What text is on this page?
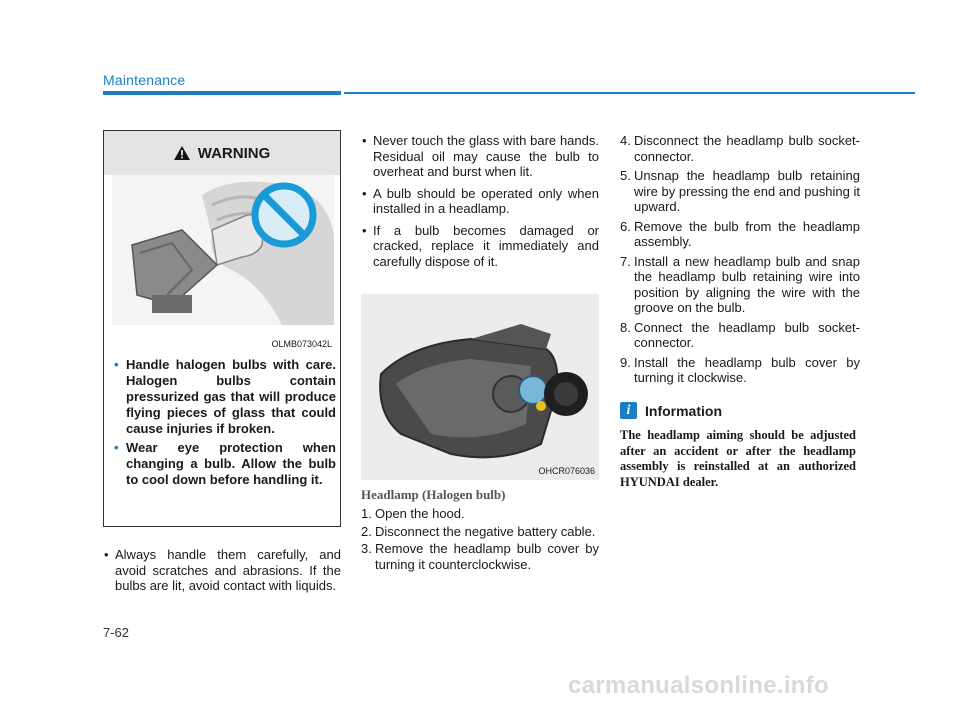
Maintenance
WARNING
OLMB073042L
• Handle halogen bulbs with care. Halogen bulbs contain pressurized gas that will produce flying pieces of glass that could cause injuries if broken.
• Wear eye protection when changing a bulb. Allow the bulb to cool down before handling it.
• Always handle them carefully, and avoid scratches and abrasions. If the bulbs are lit, avoid contact with liquids.
• Never touch the glass with bare hands. Residual oil may cause the bulb to overheat and burst when lit.
• A bulb should be operated only when installed in a headlamp.
• If a bulb becomes damaged or cracked, replace it immediately and carefully dispose of it.
OHCR076036
Headlamp (Halogen bulb)
1. Open the hood.
2. Disconnect the negative battery cable.
3. Remove the headlamp bulb cover by turning it counterclockwise.
4. Disconnect the headlamp bulb socket-connector.
5. Unsnap the headlamp bulb retaining wire by pressing the end and pushing it upward.
6. Remove the bulb from the headlamp assembly.
7. Install a new headlamp bulb and snap the headlamp bulb retaining wire into position by aligning the wire with the groove on the bulb.
8. Connect the headlamp bulb socket-connector.
9. Install the headlamp bulb cover by turning it clockwise.
i	Information
The headlamp aiming should be adjusted after an accident or after the headlamp assembly is reinstalled at an authorized HYUNDAI dealer.
7-62
carmanualsonline.info
